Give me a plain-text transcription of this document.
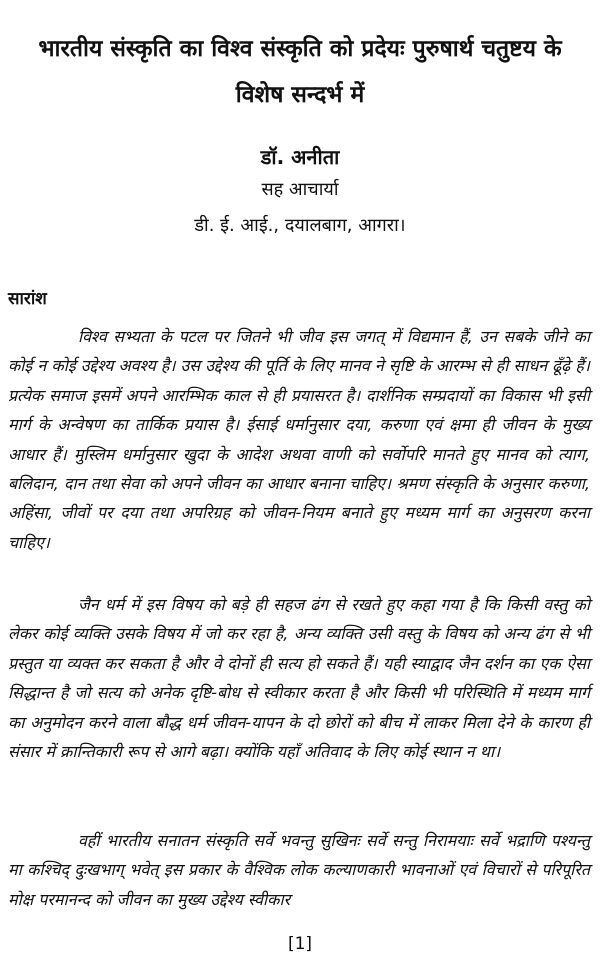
भारतीय संस्कृति का विश्व संस्कृति को प्रदेयः पुरुषार्थ चतुष्टय के विशेष सन्दर्भ में
डॉ. अनीता
सह आचार्या
डी. ई. आई., दयालबाग, आगरा।
सारांश

विश्व सभ्यता के पटल पर जितने भी जीव इस जगत् में विद्यमान हैं, उन सबके जीने का कोई न कोई उद्देश्य अवश्य है। उस उद्देश्य की पूर्ति के लिए मानव ने सृष्टि के आरम्भ से ही साधन ढूँढ़े हैं। प्रत्येक समाज इसमें अपने आरम्भिक काल से ही प्रयासरत है। दार्शनिक सम्प्रदायों का विकास भी इसी मार्ग के अन्वेषण का तार्किक प्रयास है। ईसाई धर्मानुसार दया, करुणा एवं क्षमा ही जीवन के मुख्य आधार हैं। मुस्लिम धर्मानुसार खुदा के आदेश अथवा वाणी को सर्वोपरि मानते हुए मानव को त्याग, बलिदान, दान तथा सेवा को अपने जीवन का आधार बनाना चाहिए। श्रमण संस्कृति के अनुसार करुणा, अहिंसा, जीवों पर दया तथा अपरिग्रह को जीवन-नियम बनाते हुए मध्यम मार्ग का अनुसरण करना चाहिए।

जैन धर्म में इस विषय को बड़े ही सहज ढंग से रखते हुए कहा गया है कि किसी वस्तु को लेकर कोई व्यक्ति उसके विषय में जो कर रहा है, अन्य व्यक्ति उसी वस्तु के विषय को अन्य ढंग से भी प्रस्तुत या व्यक्त कर सकता है और वे दोनों ही सत्य हो सकते हैं। यही स्याद्वाद जैन दर्शन का एक ऐसा सिद्धान्त है जो सत्य को अनेक दृष्टि-बोध से स्वीकार करता है और किसी भी परिस्थिति में मध्यम मार्ग का अनुमोदन करने वाला बौद्ध धर्म जीवन-यापन के दो छोरों को बीच में लाकर मिला देने के कारण ही संसार में क्रान्तिकारी रूप से आगे बढ़ा। क्योंकि यहाँ अतिवाद के लिए कोई स्थान न था।

वहीं भारतीय सनातन संस्कृति सर्वे भवन्तु सुखिनः सर्वे सन्तु निरामयाः सर्वे भद्राणि पश्यन्तु मा कश्चिद् दुःखभाग् भवेत् इस प्रकार के वैश्विक लोक कल्याणकारी भावनाओं एवं विचारों से परिपूरित मोक्ष परमानन्द को जीवन का मुख्य उद्देश्य स्वीकार

[1]
